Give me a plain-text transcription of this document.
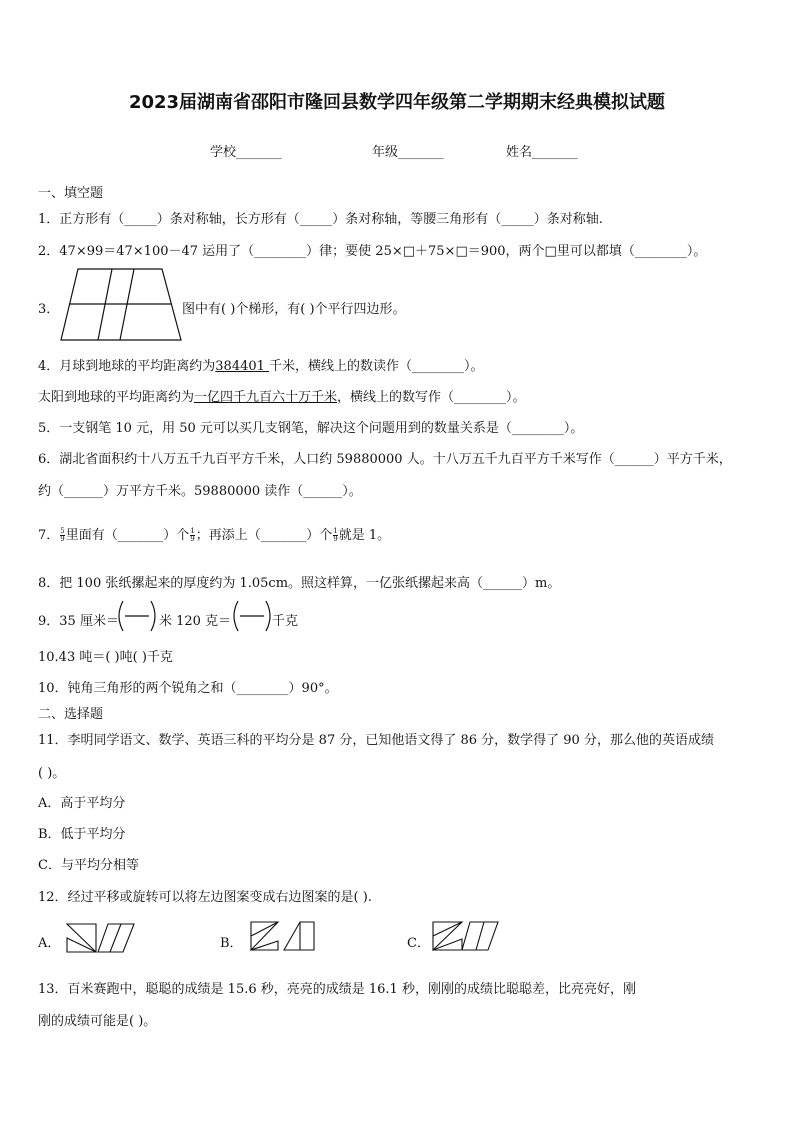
2023届湖南省邵阳市隆回县数学四年级第二学期期末经典模拟试题
学校_______	年级_______	姓名_______
一、填空题
1．正方形有（_____）条对称轴，长方形有（_____）条对称轴，等腰三角形有（_____）条对称轴.
2．47×99＝47×100－47 运用了（________）律；要使 25×□＋75×□＝900，两个□里可以都填（________）。
3．	图中有( )个梯形，有( )个平行四边形。
4．月球到地球的平均距离约为384401 千米，横线上的数读作（________）。
太阳到地球的平均距离约为一亿四千九百六十万千米，横线上的数写作（________）。
5．一支钢笔 10 元，用 50 元可以买几支钢笔，解决这个问题用到的数量关系是（________）。
6．湖北省面积约十八万五千九百平方千米，人口约 59880000 人。十八万五千九百平方千米写作（______）平方千米，
约（______）万平方千米。59880000 读作（______）。
7． $\frac{5}{9}$ 里面有（_______）个 $\frac{1}{9}$ ；再添上（_______）个 $\frac{1}{9}$ 就是 1。
8．把 100 张纸摞起来的厚度约为 1.05cm。照这样算，一亿张纸摞起来高（______）m。
9．35 厘米＝	米 120 克＝	千克
10.43 吨＝( )吨( )千克
10．钝角三角形的两个锐角之和（________）90°。
二、选择题
11．李明同学语文、数学、英语三科的平均分是 87 分，已知他语文得了 86 分，数学得了 90 分，那么他的英语成绩
( )。
A．高于平均分
B．低于平均分
C．与平均分相等
12．经过平移或旋转可以将左边图案变成右边图案的是( ).
A．	B．	C．
13．百米赛跑中，聪聪的成绩是 15.6 秒，亮亮的成绩是 16.1 秒，刚刚的成绩比聪聪差，比亮亮好，刚
刚的成绩可能是( )。
